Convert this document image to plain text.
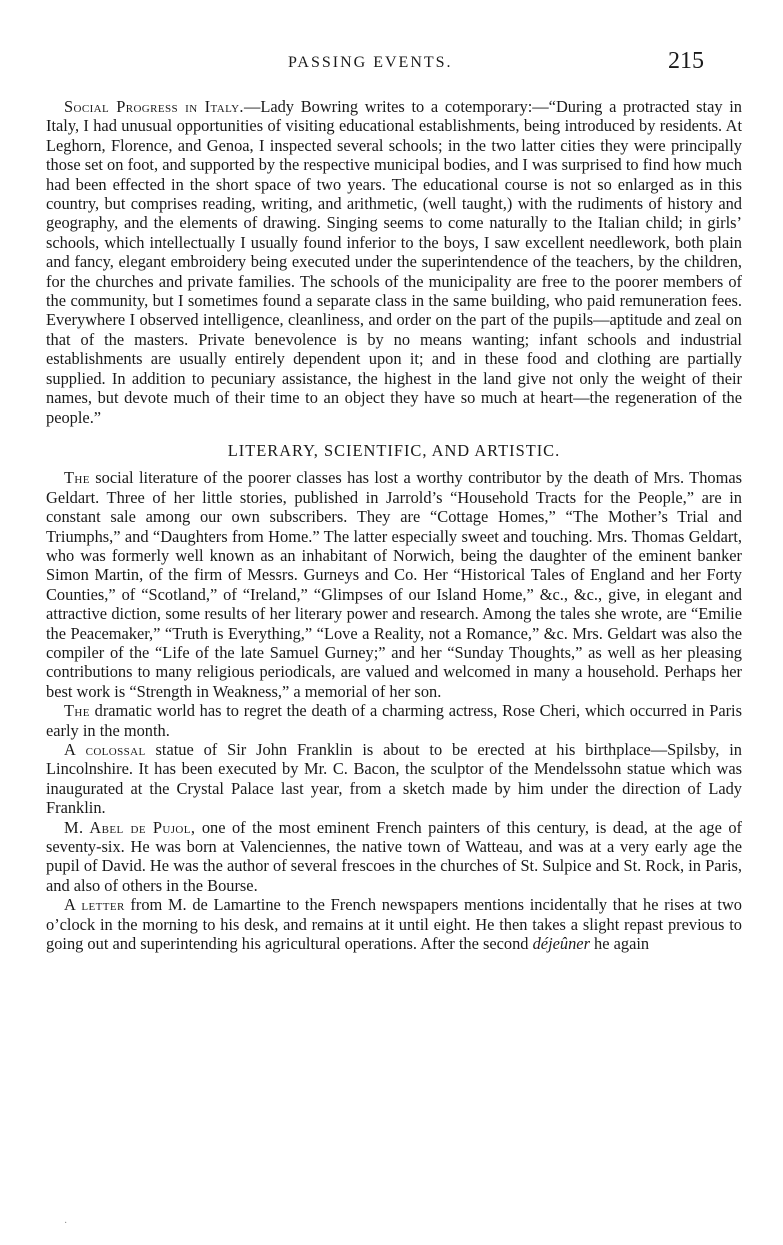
PASSING EVENTS.	215

Social Progress in Italy.—Lady Bowring writes to a cotemporary:—“During a protracted stay in Italy, I had unusual opportunities of visiting educational establishments, being introduced by residents. At Leghorn, Florence, and Genoa, I inspected several schools; in the two latter cities they were principally those set on foot, and supported by the respective municipal bodies, and I was surprised to find how much had been effected in the short space of two years. The educational course is not so enlarged as in this country, but comprises reading, writing, and arithmetic, (well taught,) with the rudiments of history and geography, and the elements of drawing. Singing seems to come naturally to the Italian child; in girls’ schools, which intellectually I usually found inferior to the boys, I saw excellent needlework, both plain and fancy, elegant embroidery being executed under the superintendence of the teachers, by the children, for the churches and private families. The schools of the municipality are free to the poorer members of the community, but I sometimes found a separate class in the same building, who paid remuneration fees. Everywhere I observed intelligence, cleanliness, and order on the part of the pupils—aptitude and zeal on that of the masters. Private benevolence is by no means wanting; infant schools and industrial establishments are usually entirely dependent upon it; and in these food and clothing are partially supplied. In addition to pecuniary assistance, the highest in the land give not only the weight of their names, but devote much of their time to an object they have so much at heart—the regeneration of the people.”

LITERARY, SCIENTIFIC, AND ARTISTIC.

The social literature of the poorer classes has lost a worthy contributor by the death of Mrs. Thomas Geldart. Three of her little stories, published in Jarrold’s “Household Tracts for the People,” are in constant sale among our own subscribers. They are “Cottage Homes,” “The Mother’s Trial and Triumphs,” and “Daughters from Home.” The latter especially sweet and touching. Mrs. Thomas Geldart, who was formerly well known as an inhabitant of Norwich, being the daughter of the eminent banker Simon Martin, of the firm of Messrs. Gurneys and Co. Her “Historical Tales of England and her Forty Counties,” of “Scotland,” of “Ireland,” “Glimpses of our Island Home,” &c., &c., give, in elegant and attractive diction, some results of her literary power and research. Among the tales she wrote, are “Emilie the Peacemaker,” “Truth is Everything,” “Love a Reality, not a Romance,” &c. Mrs. Geldart was also the compiler of the “Life of the late Samuel Gurney;” and her “Sunday Thoughts,” as well as her pleasing contributions to many religious periodicals, are valued and welcomed in many a household. Perhaps her best work is “Strength in Weakness,” a memorial of her son.

The dramatic world has to regret the death of a charming actress, Rose Cheri, which occurred in Paris early in the month.

A colossal statue of Sir John Franklin is about to be erected at his birthplace—Spilsby, in Lincolnshire. It has been executed by Mr. C. Bacon, the sculptor of the Mendelssohn statue which was inaugurated at the Crystal Palace last year, from a sketch made by him under the direction of Lady Franklin.

M. Abel de Pujol, one of the most eminent French painters of this century, is dead, at the age of seventy-six. He was born at Valenciennes, the native town of Watteau, and was at a very early age the pupil of David. He was the author of several frescoes in the churches of St. Sulpice and St. Rock, in Paris, and also of others in the Bourse.

A letter from M. de Lamartine to the French newspapers mentions incidentally that he rises at two o’clock in the morning to his desk, and remains at it until eight. He then takes a slight repast previous to going out and superintending his agricultural operations. After the second déjeûner he again

·
